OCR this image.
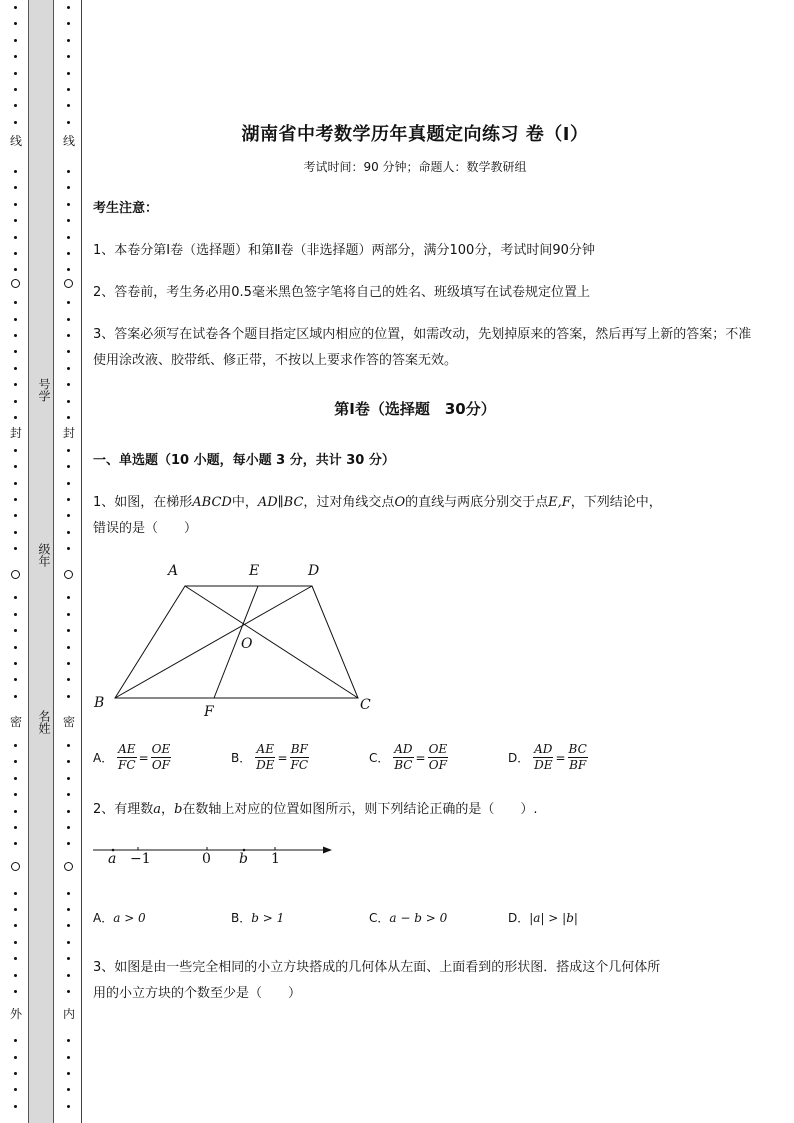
线
封
密
外
号学
级年
名姓
线
封
密
内
湖南省中考数学历年真题定向练习 卷（Ⅰ）
考试时间：90 分钟；命题人：数学教研组
考生注意：
1、本卷分第Ⅰ卷（选择题）和第Ⅱ卷（非选择题）两部分，满分100分，考试时间90分钟
2、答卷前，考生务必用0.5毫米黑色签字笔将自己的姓名、班级填写在试卷规定位置上
3、答案必须写在试卷各个题目指定区域内相应的位置，如需改动，先划掉原来的答案，然后再写上新的答案；不准使用涂改液、胶带纸、修正带，不按以上要求作答的答案无效。
第Ⅰ卷（选择题　30分）
一、单选题（10 小题，每小题 3 分，共计 30 分）
1、如图，在梯形ABCD中，AD∥BC，过对角线交点O的直线与两底分别交于点E,F，下列结论中，
错误的是（　　）
A	E	D
O
B
F	C
A． $\frac{AE}{FC} = \frac{OE}{OF}$	B． $\frac{AE}{DE} = \frac{BF}{FC}$	C． $\frac{AD}{BC} = \frac{OE}{OF}$	D． $\frac{AD}{DE} = \frac{BC}{BF}$
2、有理数a，b在数轴上对应的位置如图所示，则下列结论正确的是（　　）.
a −1	0 b 1
A．a > 0	B．b > 1	C．a − b > 0	D．|a| > |b|
3、如图是由一些完全相同的小立方块搭成的几何体从左面、上面看到的形状图．搭成这个几何体所
用的小立方块的个数至少是（　　）
